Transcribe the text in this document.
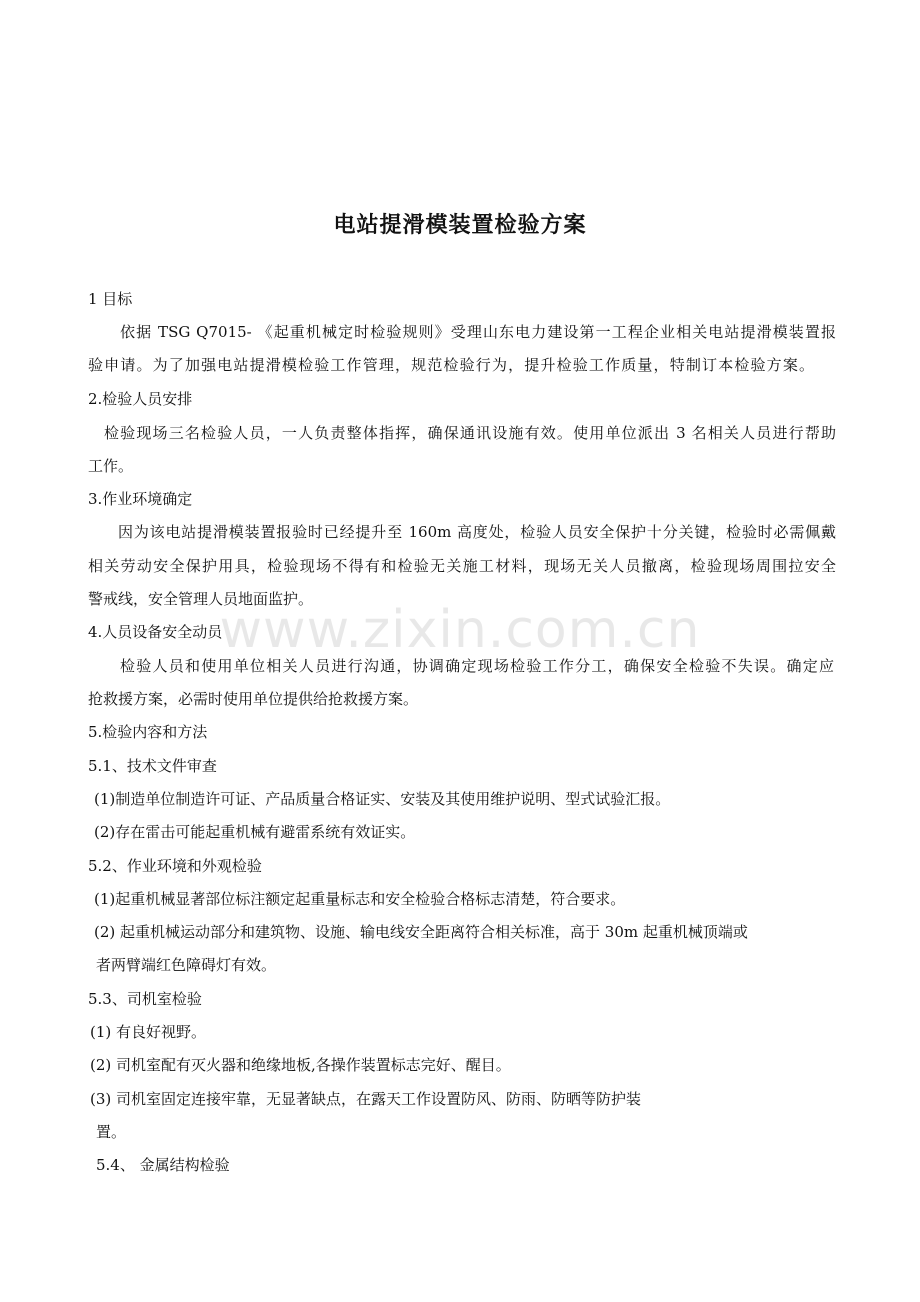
www.zixin.com.cn
电站提滑模装置检验方案
1 目标
依据 TSG Q7015- 《起重机械定时检验规则》受理山东电力建设第一工程企业相关电站提滑模装置报
验申请。为了加强电站提滑模检验工作管理，规范检验行为，提升检验工作质量，特制订本检验方案。
2.检验人员安排
检验现场三名检验人员，一人负责整体指挥，确保通讯设施有效。使用单位派出 3 名相关人员进行帮助
工作。
3.作业环境确定
因为该电站提滑模装置报验时已经提升至 160m 高度处，检验人员安全保护十分关键，检验时必需佩戴
相关劳动安全保护用具，检验现场不得有和检验无关施工材料，现场无关人员撤离，检验现场周围拉安全
警戒线，安全管理人员地面监护。
4.人员设备安全动员
检验人员和使用单位相关人员进行沟通，协调确定现场检验工作分工，确保安全检验不失误。确定应
抢救援方案，必需时使用单位提供给抢救援方案。
5.检验内容和方法
5.1、技术文件审查
(1)制造单位制造许可证、产品质量合格证实、安装及其使用维护说明、型式试验汇报。
(2)存在雷击可能起重机械有避雷系统有效证实。
5.2、作业环境和外观检验
(1)起重机械显著部位标注额定起重量标志和安全检验合格标志清楚，符合要求。
(2) 起重机械运动部分和建筑物、设施、输电线安全距离符合相关标准，高于 30m 起重机械顶端或
者两臂端红色障碍灯有效。
5.3、司机室检验
(1) 有良好视野。
(2) 司机室配有灭火器和绝缘地板,各操作装置标志完好、醒目。
(3) 司机室固定连接牢靠，无显著缺点，在露天工作设置防风、防雨、防晒等防护装
置。
5.4、 金属结构检验
